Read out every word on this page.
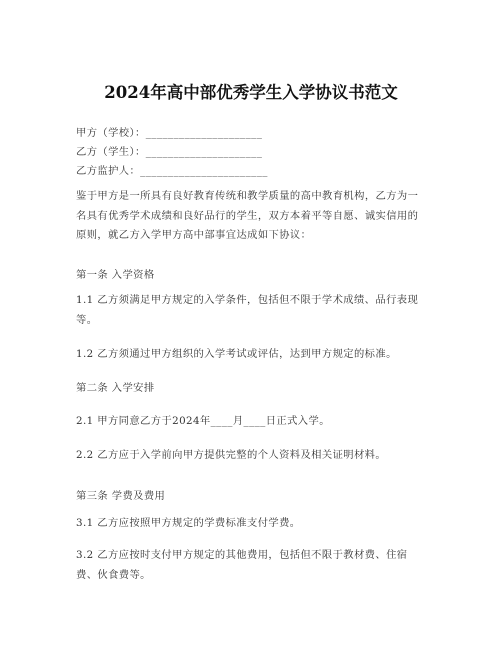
2024年高中部优秀学生入学协议书范文

甲方（学校）：_____________________

乙方（学生）：_____________________

乙方监护人：_______________________

鉴于甲方是一所具有良好教育传统和教学质量的高中教育机构，乙方为一名具有优秀学术成绩和良好品行的学生，双方本着平等自愿、诚实信用的原则，就乙方入学甲方高中部事宜达成如下协议：

第一条 入学资格

1.1 乙方须满足甲方规定的入学条件，包括但不限于学术成绩、品行表现等。

1.2 乙方须通过甲方组织的入学考试或评估，达到甲方规定的标准。

第二条 入学安排

2.1 甲方同意乙方于2024年____月____日正式入学。

2.2 乙方应于入学前向甲方提供完整的个人资料及相关证明材料。

第三条 学费及费用

3.1 乙方应按照甲方规定的学费标准支付学费。

3.2 乙方应按时支付甲方规定的其他费用，包括但不限于教材费、住宿费、伙食费等。
